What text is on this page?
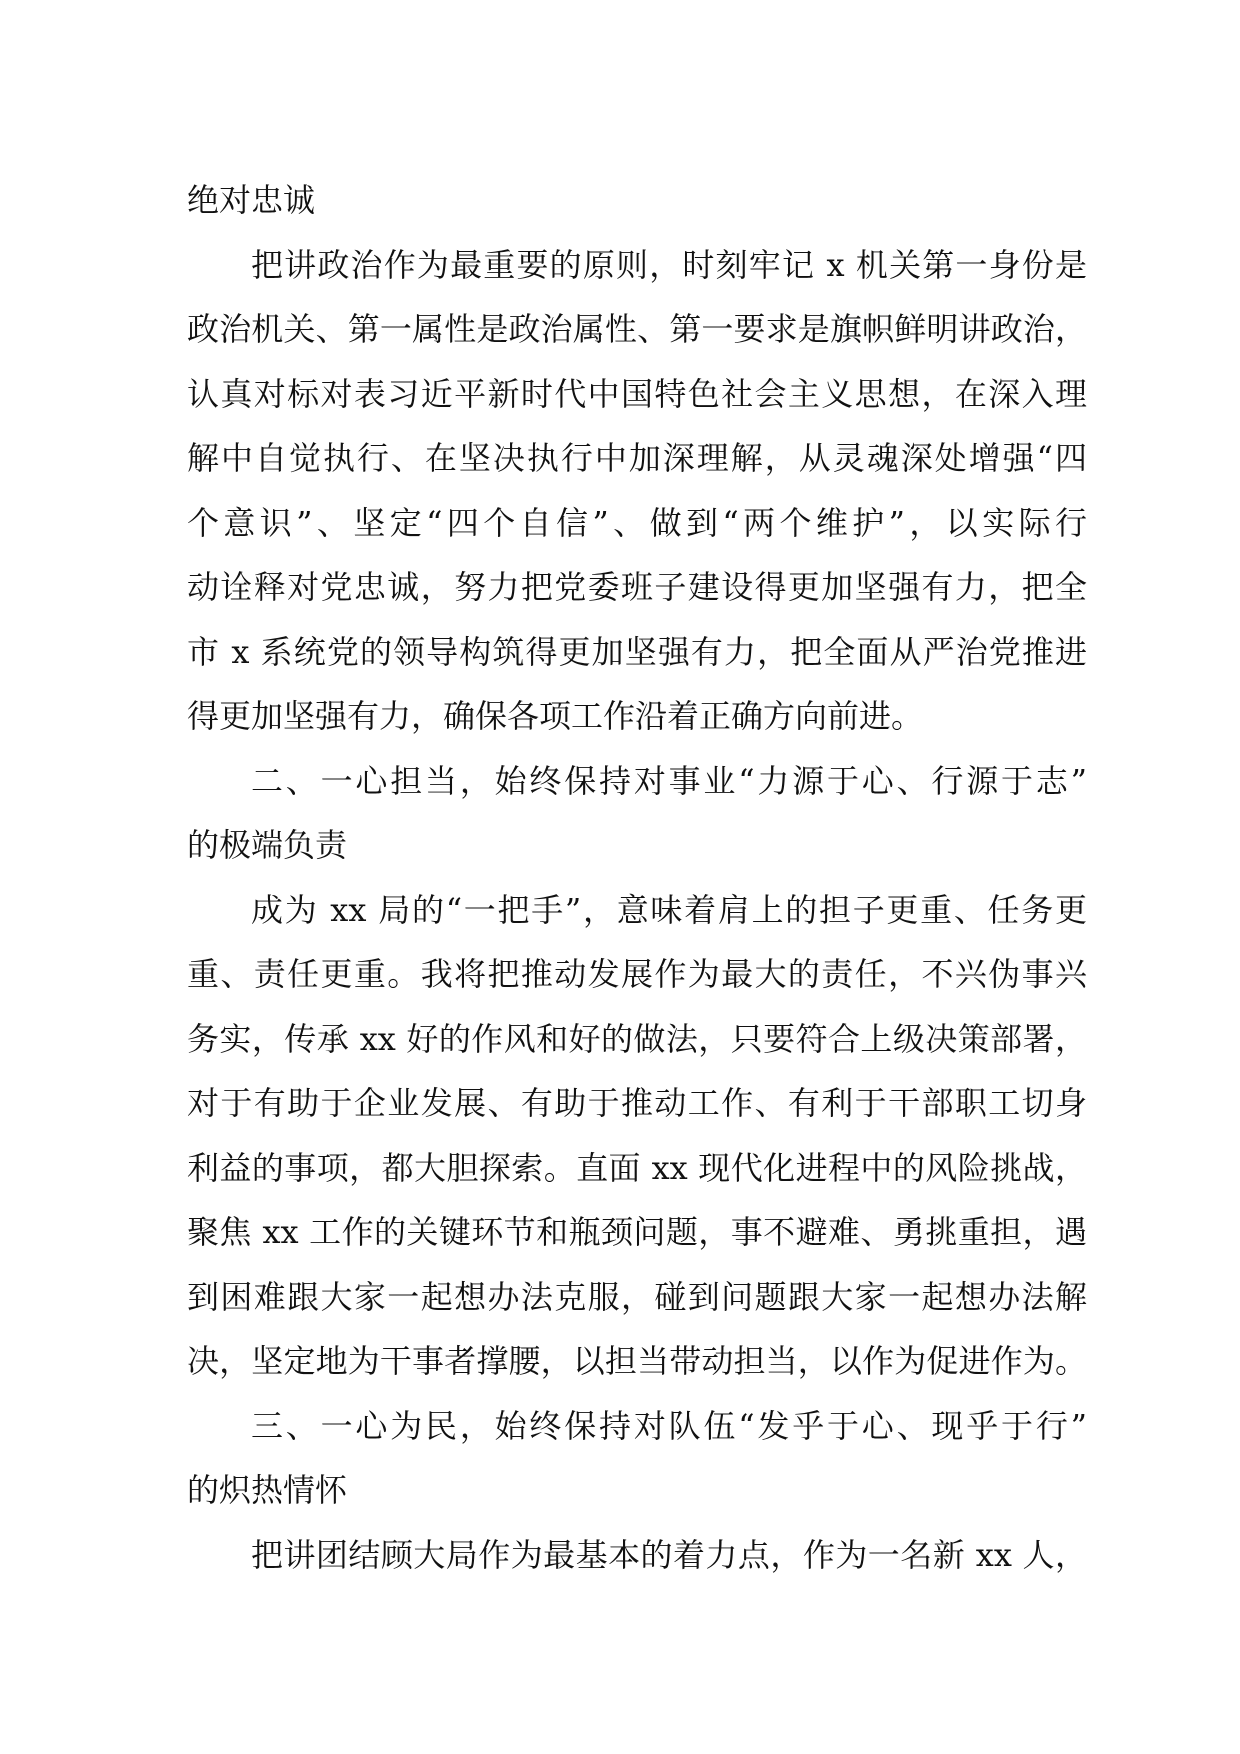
绝对忠诚
把讲政治作为最重要的原则，时刻牢记 x 机关第一身份是
政治机关、第一属性是政治属性、第一要求是旗帜鲜明讲政治，
认真对标对表习近平新时代中国特色社会主义思想，在深入理
解中自觉执行、在坚决执行中加深理解，从灵魂深处增强“四
个意识”、坚定“四个自信”、做到“两个维护”，以实际行
动诠释对党忠诚，努力把党委班子建设得更加坚强有力，把全
市 x 系统党的领导构筑得更加坚强有力，把全面从严治党推进
得更加坚强有力，确保各项工作沿着正确方向前进。
二、一心担当，始终保持对事业“力源于心、行源于志”
的极端负责
成为 xx 局的“一把手”，意味着肩上的担子更重、任务更
重、责任更重。我将把推动发展作为最大的责任，不兴伪事兴
务实，传承 xx 好的作风和好的做法，只要符合上级决策部署，
对于有助于企业发展、有助于推动工作、有利于干部职工切身
利益的事项，都大胆探索。直面 xx 现代化进程中的风险挑战，
聚焦 xx 工作的关键环节和瓶颈问题，事不避难、勇挑重担，遇
到困难跟大家一起想办法克服，碰到问题跟大家一起想办法解
决，坚定地为干事者撑腰，以担当带动担当，以作为促进作为。
三、一心为民，始终保持对队伍“发乎于心、现乎于行”
的炽热情怀
把讲团结顾大局作为最基本的着力点，作为一名新 xx 人，
